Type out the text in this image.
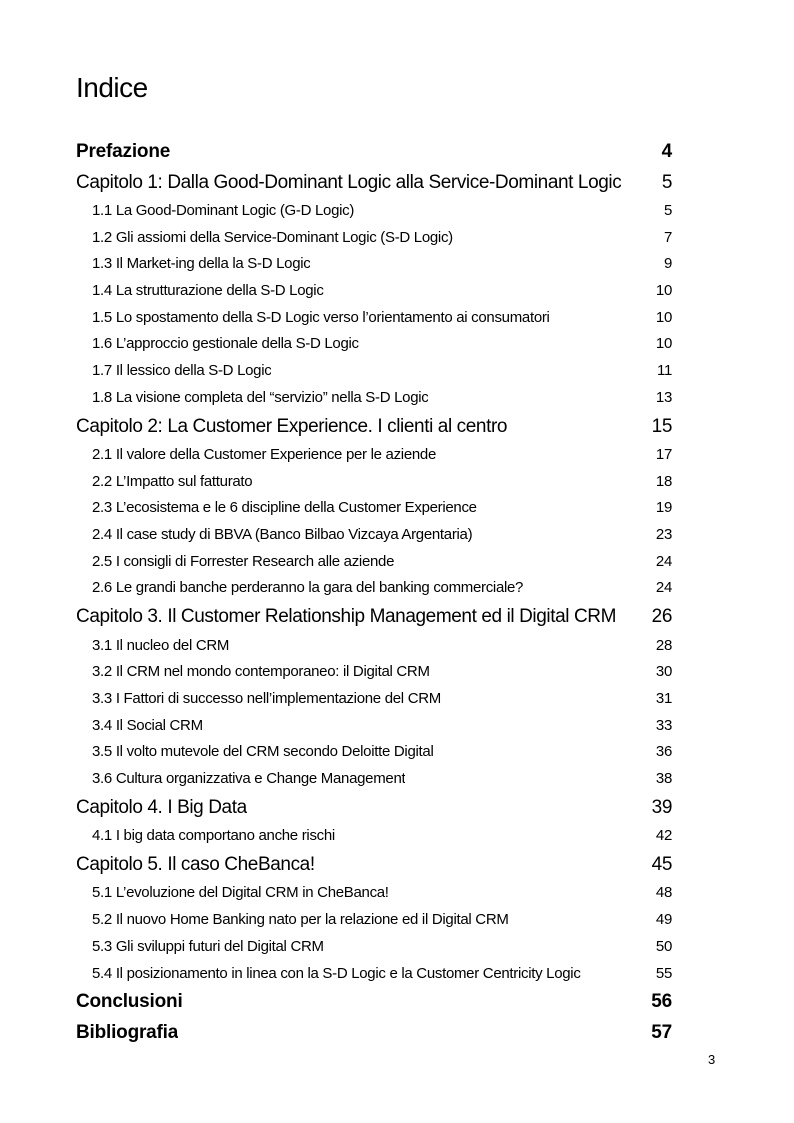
Indice
Prefazione	4
Capitolo 1: Dalla Good-Dominant Logic alla Service-Dominant Logic	5
1.1 La Good-Dominant Logic (G-D Logic)	5
1.2 Gli assiomi della Service-Dominant Logic (S-D Logic)	7
1.3 Il Market-ing della la S-D Logic	9
1.4 La strutturazione della S-D Logic	10
1.5 Lo spostamento della S-D Logic verso l’orientamento ai consumatori	10
1.6 L’approccio gestionale della S-D Logic	10
1.7 Il lessico della S-D Logic	11
1.8 La visione completa del “servizio” nella S-D Logic	13
Capitolo 2: La Customer Experience. I clienti al centro	15
2.1 Il valore della Customer Experience per le aziende	17
2.2 L’Impatto sul fatturato	18
2.3 L’ecosistema e le 6 discipline della Customer Experience	19
2.4 Il case study di BBVA (Banco Bilbao Vizcaya Argentaria)	23
2.5 I consigli di Forrester Research alle aziende	24
2.6 Le grandi banche perderanno la gara del banking commerciale?	24
Capitolo 3. Il Customer Relationship Management ed il Digital CRM	26
3.1 Il nucleo del CRM	28
3.2 Il CRM nel mondo contemporaneo: il Digital CRM	30
3.3 I Fattori di successo nell’implementazione del CRM	31
3.4 Il Social CRM	33
3.5 Il volto mutevole del CRM secondo Deloitte Digital	36
3.6 Cultura organizzativa e Change Management	38
Capitolo 4. I Big Data	39
4.1 I big data comportano anche rischi	42
Capitolo 5. Il caso CheBanca!	45
5.1 L’evoluzione del Digital CRM in CheBanca!	48
5.2 Il nuovo Home Banking nato per la relazione ed il Digital CRM	49
5.3 Gli sviluppi futuri del Digital CRM	50
5.4 Il posizionamento in linea con la S-D Logic e la Customer Centricity Logic	55
Conclusioni	56
Bibliografia	57
3
